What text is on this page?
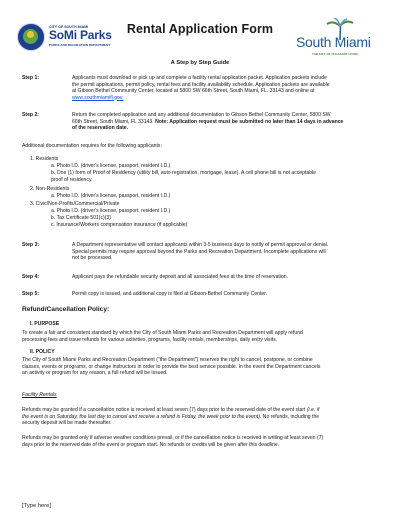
CITY OF SOUTH MIAMI
SoMi Parks
PARKS AND RECREATION DEPARTMENT
Rental Application Form
South Miami
THE CITY OF PLEASANT LIVING
A Step by Step Guide
Step 1:	Applicants must download or pick up and complete a facility rental application packet. Application packets include
the permit applications, permit policy, rental fees and facility availability schedule. Application packets are available
at Gibson Bethel Community Center, located at 5800 SW 66th Street, South Miami, FL. 33143 and online at
www.southmiamifl.gov.
Step 2:	Return the completed application and any additional documentation to Gibson Bethel Community Center, 5800 SW
66th Street, South Miami, FL 33143. Note: Application request must be submitted no later than 14 days in advance
of the reservation date.
Additional documentation requires for the following applicants:
1. Residents
a. Photo I.D. (driver's license, passport, resident I.D.)
b. One (1) form of Proof of Residency (utility bill, auto registration, mortgage, lease). A cell phone bill is not acceptable
proof of residency.
2. Non-Residents
a. Photo I.D. (driver's license, passport, resident I.D.)
3. Civic/Non-Profits/Commercial/Private
a. Photo I.D. (driver's license, passport, resident I.D.)
b. Tax Certificate 501(c)(3)
c. Insurance/Workers compensation insurance (if applicable)
Step 3:	A Department representative will contact applicants within 3-5 business days to notify of permit approval or denial.
Special permits may require approval beyond the Parks and Recreation Department. Incomplete applications will
not be processed.
Step 4:	Applicant pays the refundable security deposit and all associated fees at the time of reservation.
Step 5:	Permit copy is issued, and additional copy is filed at Gibson-Bethel Community Center.
Refund/Cancellation Policy:
I. PURPOSE
To create a fair and consistent standard by which the City of South Miami Parks and Recreation Department will apply refund
processing fees and issue refunds for various activities, programs, facility rentals, memberships, daily entry visits.
II. POLICY
The City of South Miami Parks and Recreation Department ("the Department") reserves the right to cancel, postpone, or combine
classes, events or programs, or change instructors in order to provide the best service possible. In the event the Department cancels
an activity or program for any reason, a full refund will be issued.
Facility Rentals
Refunds may be granted if a cancellation notice is received at least seven (7) days prior to the reserved date of the event start (i.e. if
the event is on Saturday, the last day to cancel and receive a refund is Friday, the week prior to the event). No refunds, including the
security deposit will be made thereafter.
Refunds may be granted only if adverse weather conditions prevail, or if the cancellation notice is received in writing at least seven (7)
days prior to the reserved date of the event or program start. No refunds or credits will be given after this deadline.
[Type here]
